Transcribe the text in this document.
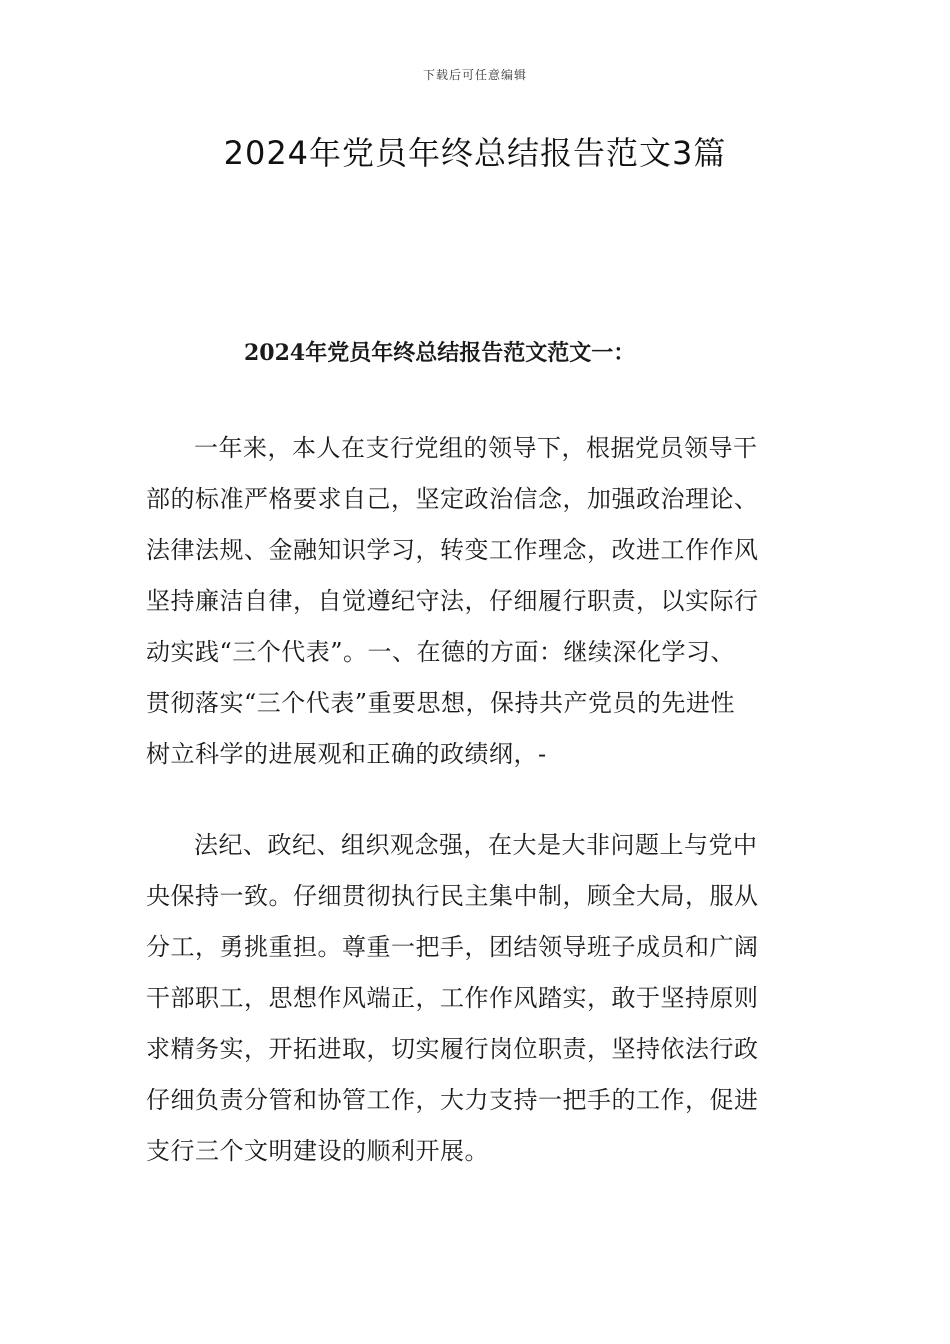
下载后可任意编辑
2024年党员年终总结报告范文3篇
2024年党员年终总结报告范文范文一：
一年来，本人在支行党组的领导下，根据党员领导干
部的标准严格要求自己，坚定政治信念，加强政治理论、
法律法规、金融知识学习，转变工作理念，改进工作作风
坚持廉洁自律，自觉遵纪守法，仔细履行职责，以实际行
动实践“三个代表”。一、在德的方面：继续深化学习、
贯彻落实“三个代表”重要思想，保持共产党员的先进性
树立科学的进展观和正确的政绩纲，-
法纪、政纪、组织观念强，在大是大非问题上与党中
央保持一致。仔细贯彻执行民主集中制，顾全大局，服从
分工，勇挑重担。尊重一把手，团结领导班子成员和广阔
干部职工，思想作风端正，工作作风踏实，敢于坚持原则
求精务实，开拓进取，切实履行岗位职责，坚持依法行政
仔细负责分管和协管工作，大力支持一把手的工作，促进
支行三个文明建设的顺利开展。
